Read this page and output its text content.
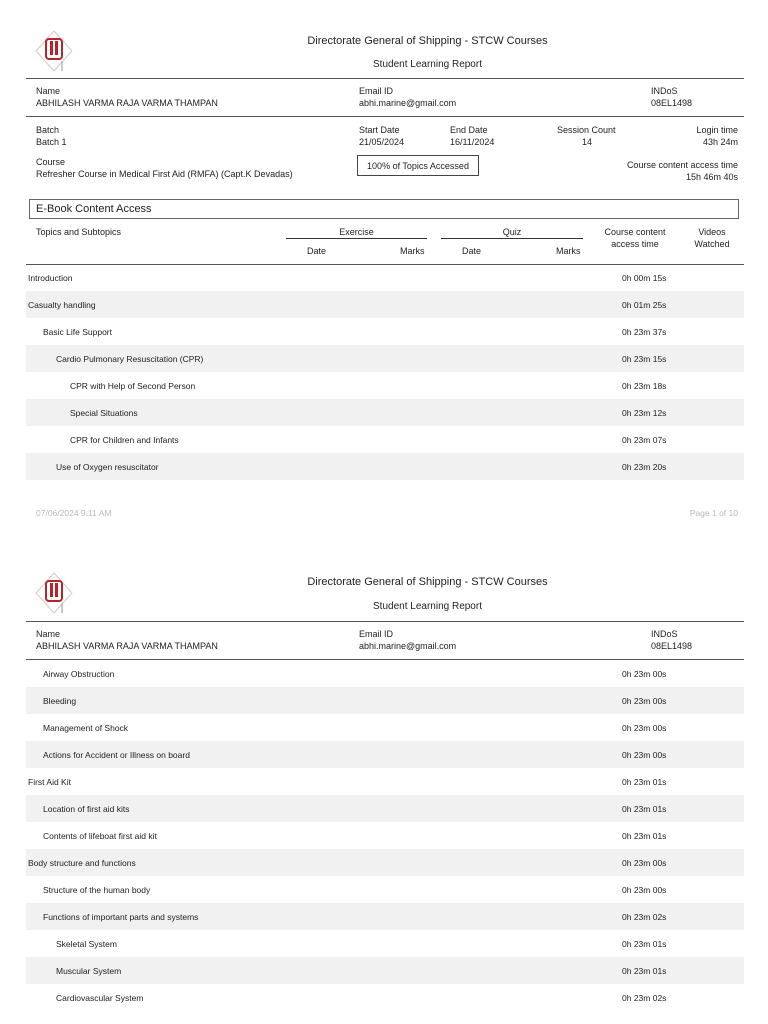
Directorate General of Shipping - STCW Courses
Student Learning Report
Name
ABHILASH VARMA RAJA VARMA THAMPAN
Email ID
abhi.marine@gmail.com
INDoS
08EL1498
Batch
Batch 1
Start Date
21/05/2024
End Date
16/11/2024
Session Count
14
Login time
43h 24m
Course
Refresher Course in Medical First Aid (RMFA) (Capt.K Devadas)
100% of Topics Accessed	Course content access time
15h 46m 40s
E-Book Content Access
Topics and Subtopics	Exercise	Quiz
Date	Marks	Date	Marks
Course content
access time
Videos
Watched
Introduction	0h 00m 15s
Casualty handling	0h 01m 25s
Basic Life Support	0h 23m 37s
Cardio Pulmonary Resuscitation (CPR)	0h 23m 15s
CPR with Help of Second Person	0h 23m 18s
Special Situations	0h 23m 12s
CPR for Children and Infants	0h 23m 07s
Use of Oxygen resuscitator	0h 23m 20s
07/06/2024 9:11 AM	Page 1 of 10
Directorate General of Shipping - STCW Courses
Student Learning Report
Name
ABHILASH VARMA RAJA VARMA THAMPAN
Email ID
abhi.marine@gmail.com
INDoS
08EL1498
Airway Obstruction	0h 23m 00s
Bleeding	0h 23m 00s
Management of Shock	0h 23m 00s
Actions for Accident or Illness on board	0h 23m 00s
First Aid Kit	0h 23m 01s
Location of first aid kits	0h 23m 01s
Contents of lifeboat first aid kit	0h 23m 01s
Body structure and functions	0h 23m 00s
Structure of the human body	0h 23m 00s
Functions of important parts and systems	0h 23m 02s
Skeletal System	0h 23m 01s
Muscular System	0h 23m 01s
Cardiovascular System	0h 23m 02s
